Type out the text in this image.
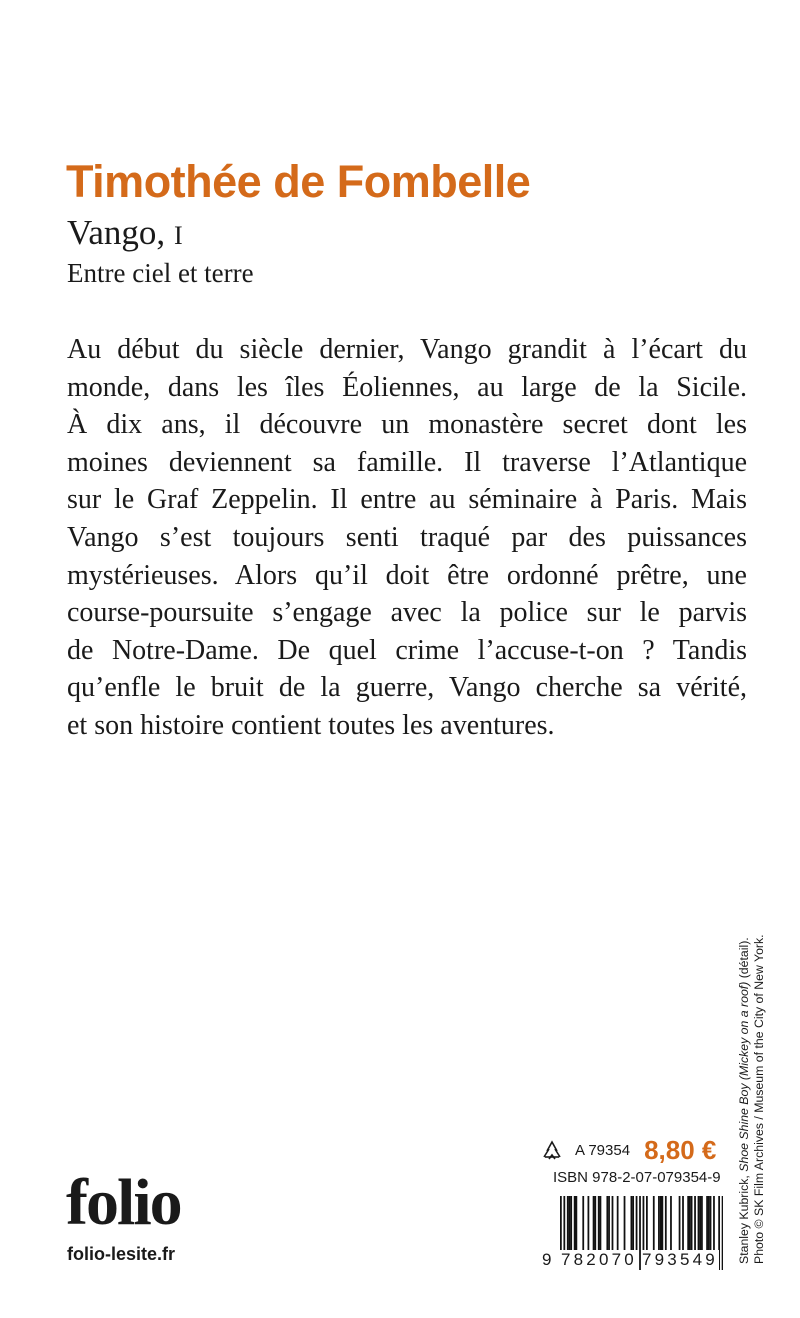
Timothée de Fombelle
Vango, I
Entre ciel et terre
Au début du siècle dernier, Vango grandit à l’écart du
monde, dans les îles Éoliennes, au large de la Sicile.
À dix ans, il découvre un monastère secret dont les
moines deviennent sa famille. Il traverse l’Atlantique
sur le Graf Zeppelin. Il entre au séminaire à Paris. Mais
Vango s’est toujours senti traqué par des puissances
mystérieuses. Alors qu’il doit être ordonné prêtre, une
course-poursuite s’engage avec la police sur le parvis
de Notre-Dame. De quel crime l’accuse-t-on ? Tandis
qu’enfle le bruit de la guerre, Vango cherche sa vérité,
et son histoire contient toutes les aventures.
Stanley Kubrick, Shoe Shine Boy (Mickey on a roof) (détail). Photo © SK Film Archives / Museum of the City of New York.
A 79354 8,80 €
ISBN 978-2-07-079354-9
9 782070 793549
folio
folio-lesite.fr
